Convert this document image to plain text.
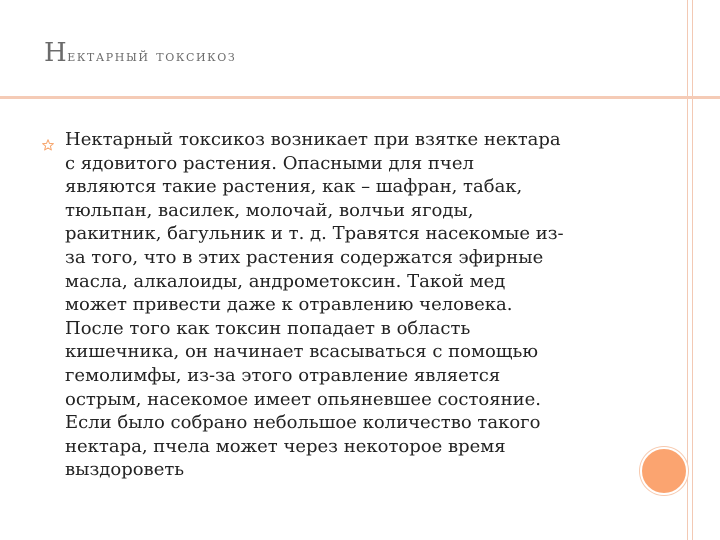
Нектарный токсикоз

Нектарный токсикоз возникает при взятке нектара
с ядовитого растения. Опасными для пчел
являются такие растения, как – шафран, табак,
тюльпан, василек, молочай, волчьи ягоды,
ракитник, багульник и т. д. Травятся насекомые из-
за того, что в этих растения содержатся эфирные
масла, алкалоиды, андрометоксин. Такой мед
может привести даже к отравлению человека.
После того как токсин попадает в область
кишечника, он начинает всасываться с помощью
гемолимфы, из-за этого отравление является
острым, насекомое имеет опьяневшее состояние.
Если было собрано небольшое количество такого
нектара, пчела может через некоторое время
выздороветь
